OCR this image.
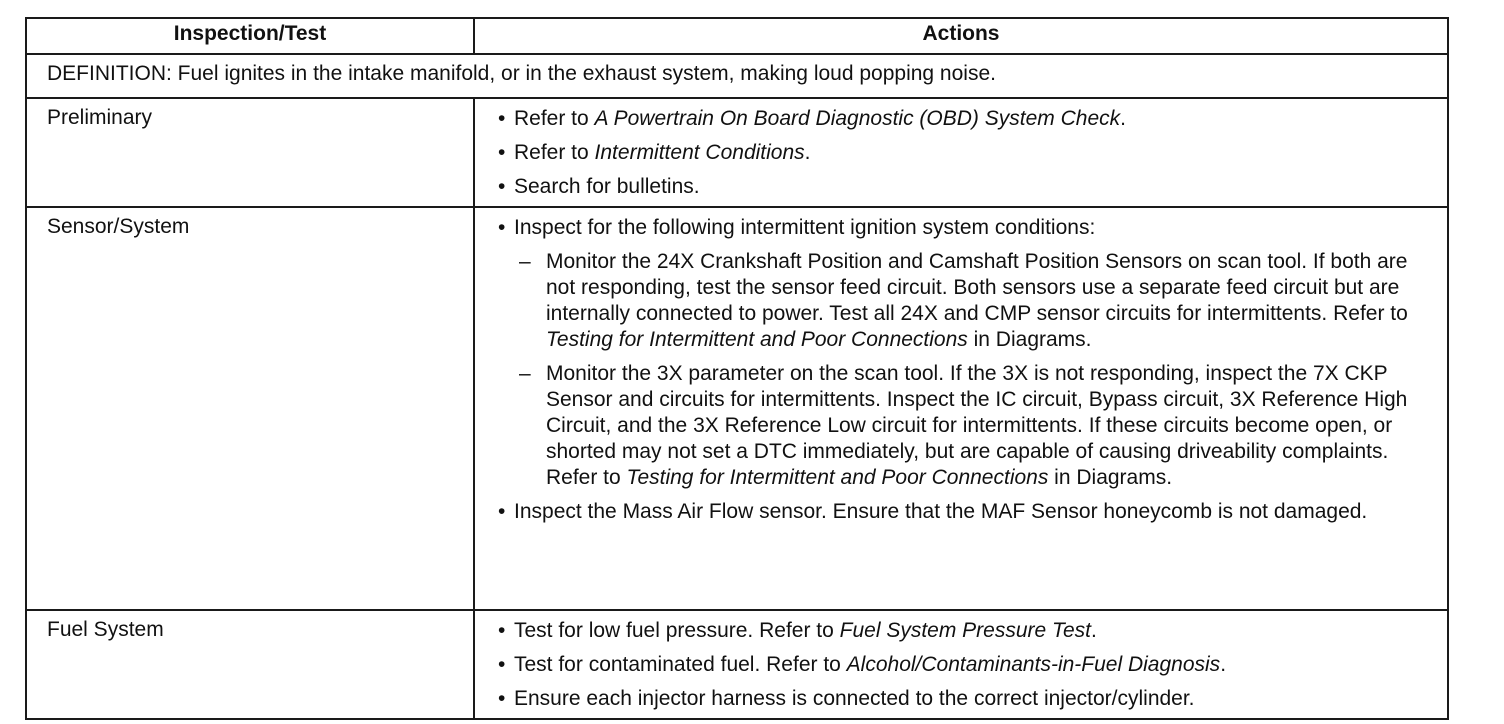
Inspection/Test	Actions
DEFINITION: Fuel ignites in the intake manifold, or in the exhaust system, making loud popping noise.	
Preliminary	• Refer to A Powertrain On Board Diagnostic (OBD) System Check.
• Refer to Intermittent Conditions.
• Search for bulletins.

Sensor/System	• Inspect for the following intermittent ignition system conditions:
– Monitor the 24X Crankshaft Position and Camshaft Position Sensors on scan tool. If both are not responding, test the sensor feed circuit. Both sensors use a separate feed circuit but are internally connected to power. Test all 24X and CMP sensor circuits for intermittents. Refer to Testing for Intermittent and Poor Connections in Diagrams.
– Monitor the 3X parameter on the scan tool. If the 3X is not responding, inspect the 7X CKP Sensor and circuits for intermittents. Inspect the IC circuit, Bypass circuit, 3X Reference High Circuit, and the 3X Reference Low circuit for intermittents. If these circuits become open, or shorted may not set a DTC immediately, but are capable of causing driveability complaints. Refer to Testing for Intermittent and Poor Connections in Diagrams.
• Inspect the Mass Air Flow sensor. Ensure that the MAF Sensor honeycomb is not damaged.

Fuel System	• Test for low fuel pressure. Refer to Fuel System Pressure Test.
• Test for contaminated fuel. Refer to Alcohol/Contaminants-in-Fuel Diagnosis.
• Ensure each injector harness is connected to the correct injector/cylinder.
